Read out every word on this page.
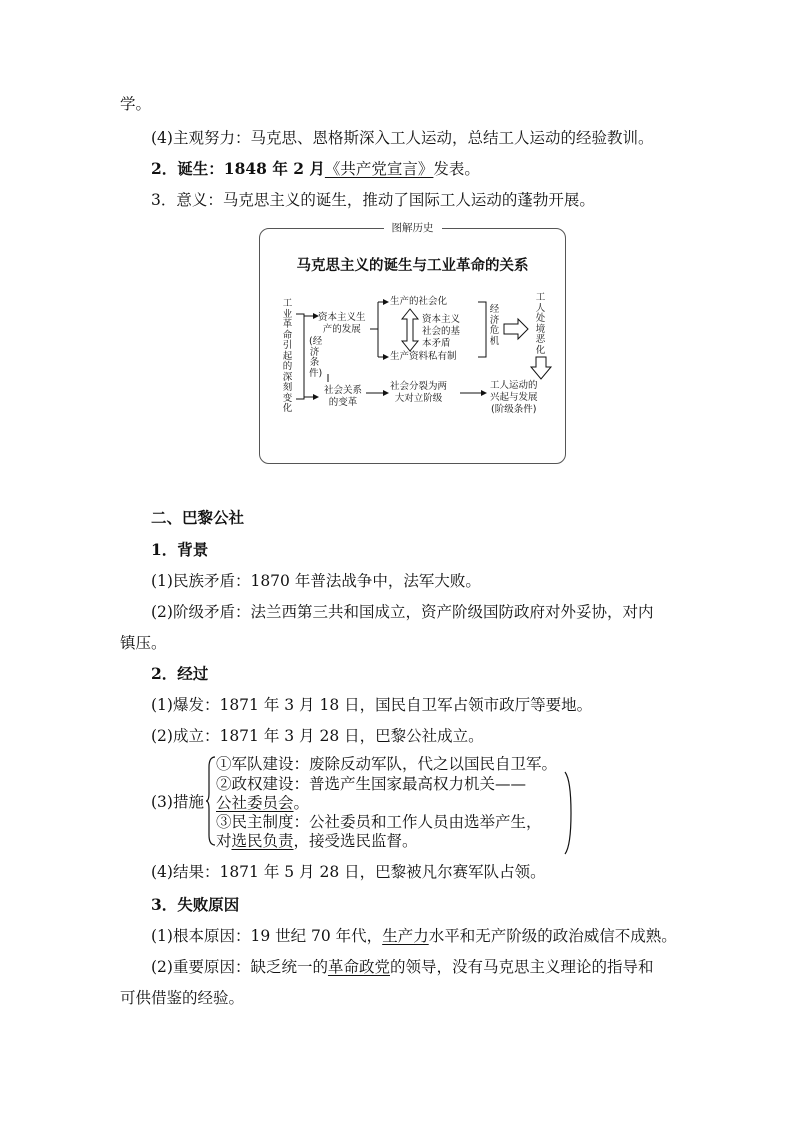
学。
(4)主观努力：马克思、恩格斯深入工人运动，总结工人运动的经验教训。
2．诞生：1848 年 2 月《共产党宣言》发表。
3．意义：马克思主义的诞生，推动了国际工人运动的蓬勃开展。
图解历史
马克思主义的诞生与工业革命的关系
工业革命引起的深刻变化
资本主义生
产的发展
(经济条件)
社会关系
的变革
生产的社会化
资本主义
社会的基
本矛盾
生产资料私有制
经济危机
工人处境恶化
社会分裂为两
大对立阶级
工人运动的
兴起与发展
(阶级条件)
二、巴黎公社
1．背景
(1)民族矛盾：1870 年普法战争中，法军大败。
(2)阶级矛盾：法兰西第三共和国成立，资产阶级国防政府对外妥协，对内
镇压。
2．经过
(1)爆发：1871 年 3 月 18 日，国民自卫军占领市政厅等要地。
(2)成立：1871 年 3 月 28 日，巴黎公社成立。
(3)措施
①军队建设：废除反动军队，代之以国民自卫军。
②政权建设：普选产生国家最高权力机关——
公社委员会。
③民主制度：公社委员和工作人员由选举产生，
对选民负责，接受选民监督。
(4)结果：1871 年 5 月 28 日，巴黎被凡尔赛军队占领。
3．失败原因
(1)根本原因：19 世纪 70 年代，生产力水平和无产阶级的政治威信不成熟。
(2)重要原因：缺乏统一的革命政党的领导，没有马克思主义理论的指导和
可供借鉴的经验。
